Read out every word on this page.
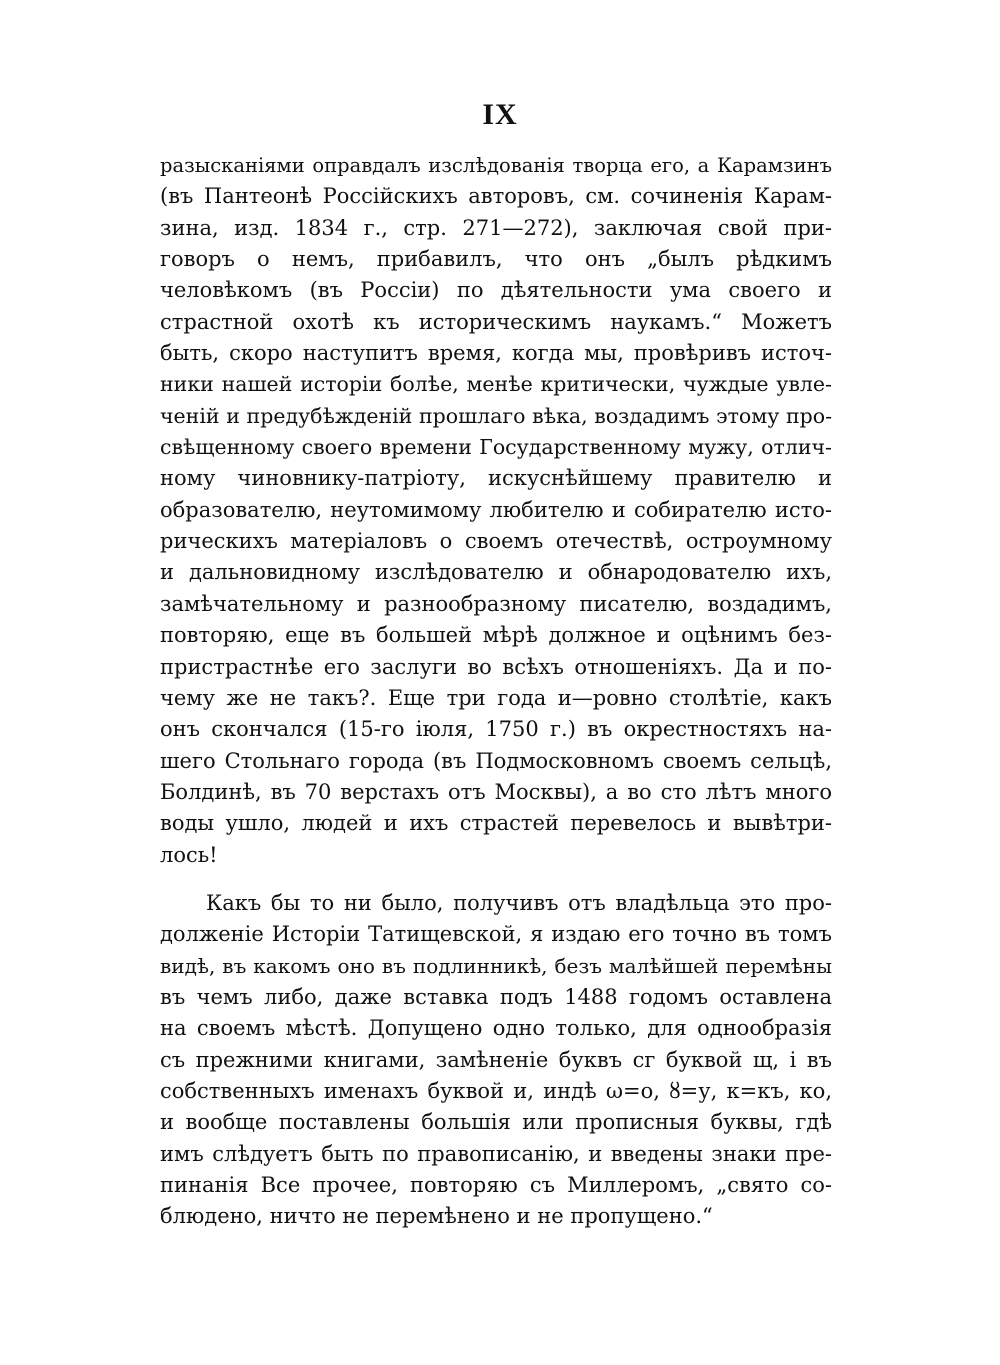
IX
разысканіями оправдалъ изслѣдованія творца его, а Карамзинъ
(въ Пантеонѣ Россійскихъ авторовъ, см. сочиненія Карам-
зина, изд. 1834 г., стр. 271—272), заключая свой при-
говоръ о немъ, прибавилъ, что онъ „былъ рѣдкимъ
человѣкомъ (въ Россіи) по дѣятельности ума своего и
страстной охотѣ къ историческимъ наукамъ.“ Можетъ
быть, скоро наступитъ время, когда мы, провѣривъ источ-
ники нашей исторіи болѣе, менѣе критически, чуждые увле-
ченій и предубѣжденій прошлаго вѣка, воздадимъ этому про-
свѣщенному своего времени Государственному мужу, отлич-
ному чиновнику-патріоту, искуснѣйшему правителю и
образователю, неутомимому любителю и собирателю исто-
рическихъ матеріаловъ о своемъ отечествѣ, остроумному
и дальновидному изслѣдователю и обнародователю ихъ,
замѣчательному и разнообразному писателю, воздадимъ,
повторяю, еще въ большей мѣрѣ должное и оцѣнимъ без-
пристрастнѣе его заслуги во всѣхъ отношеніяхъ. Да и по-
чему же не такъ?. Еще три года и—ровно столѣтіе, какъ
онъ скончался (15-го іюля, 1750 г.) въ окрестностяхъ на-
шего Стольнаго города (въ Подмосковномъ своемъ сельцѣ,
Болдинѣ, въ 70 верстахъ отъ Москвы), а во сто лѣтъ много
воды ушло, людей и ихъ страстей перевелось и вывѣтри-
лось!
Какъ бы то ни было, получивъ отъ владѣльца это про-
долженіе Исторіи Татищевской, я издаю его точно въ томъ
видѣ, въ какомъ оно въ подлинникѣ, безъ малѣйшей перемѣны
въ чемъ либо, даже вставка подъ 1488 годомъ оставлена
на своемъ мѣстѣ. Допущено одно только, для однообразія
съ прежними книгами, замѣненіе буквъ сг буквой щ, і въ
собственныхъ именахъ буквой и, индѣ ω=о, ȣ=у, к=къ, ко,
и вообще поставлены большія или прописныя буквы, гдѣ
имъ слѣдуетъ быть по правописанію, и введены знаки пре-
пинанія Все прочее, повторяю съ Миллеромъ, „свято со-
блюдено, ничто не перемѣнено и не пропущено.“
